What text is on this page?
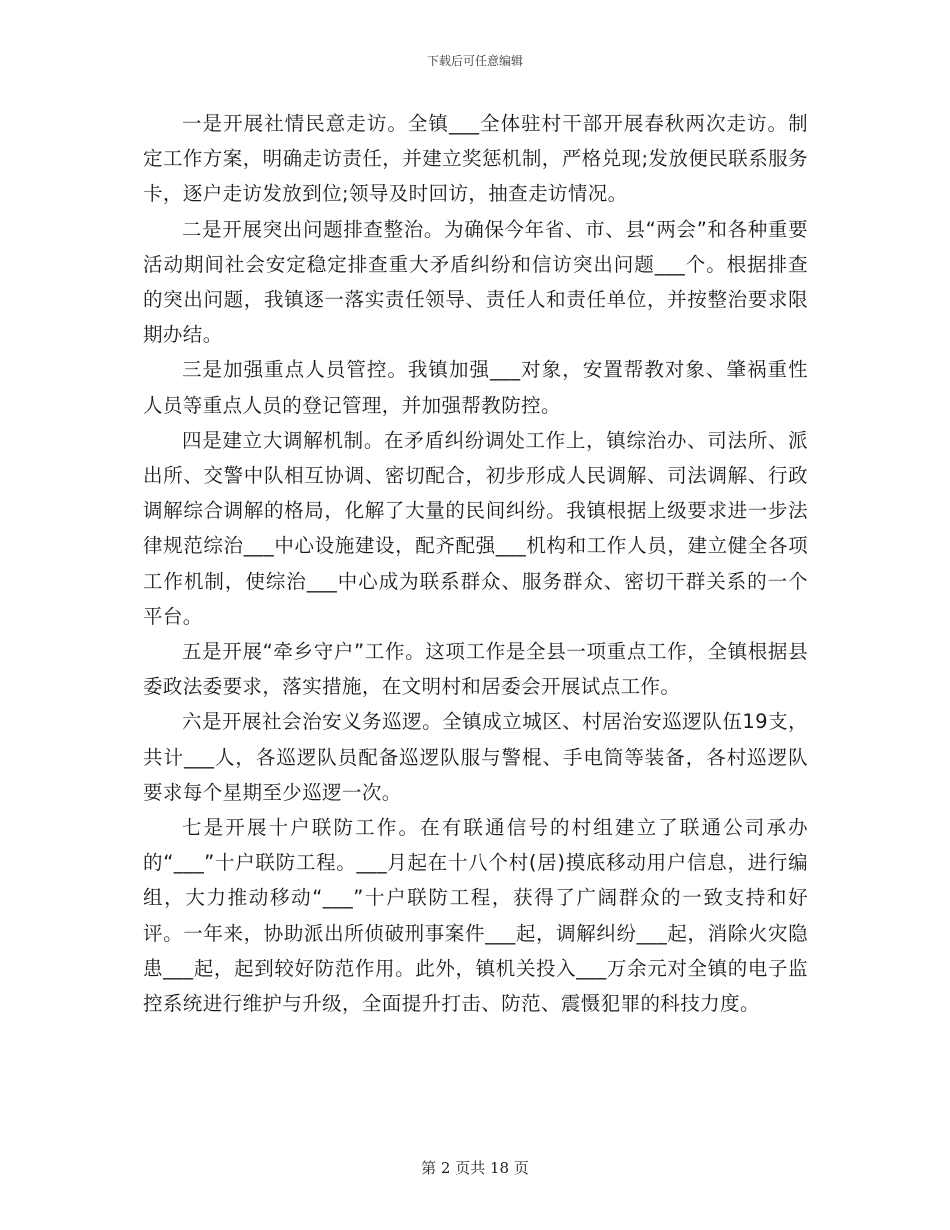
下载后可任意编辑

一是开展社情民意走访。全镇___全体驻村干部开展春秋两次走访。制定工作方案，明确走访责任，并建立奖惩机制，严格兑现;发放便民联系服务卡，逐户走访发放到位;领导及时回访，抽查走访情况。

二是开展突出问题排查整治。为确保今年省、市、县“两会”和各种重要活动期间社会安定稳定排查重大矛盾纠纷和信访突出问题___个。根据排查的突出问题，我镇逐一落实责任领导、责任人和责任单位，并按整治要求限期办结。

三是加强重点人员管控。我镇加强___对象，安置帮教对象、肇祸重性人员等重点人员的登记管理，并加强帮教防控。

四是建立大调解机制。在矛盾纠纷调处工作上，镇综治办、司法所、派出所、交警中队相互协调、密切配合，初步形成人民调解、司法调解、行政调解综合调解的格局，化解了大量的民间纠纷。我镇根据上级要求进一步法律规范综治___中心设施建设，配齐配强___机构和工作人员，建立健全各项工作机制，使综治___中心成为联系群众、服务群众、密切干群关系的一个平台。

五是开展“牵乡守户”工作。这项工作是全县一项重点工作，全镇根据县委政法委要求，落实措施，在文明村和居委会开展试点工作。

六是开展社会治安义务巡逻。全镇成立城区、村居治安巡逻队伍19支，共计___人，各巡逻队员配备巡逻队服与警棍、手电筒等装备，各村巡逻队要求每个星期至少巡逻一次。

七是开展十户联防工作。在有联通信号的村组建立了联通公司承办的“___”十户联防工程。___月起在十八个村(居)摸底移动用户信息，进行编组，大力推动移动“___”十户联防工程，获得了广阔群众的一致支持和好评。一年来，协助派出所侦破刑事案件___起，调解纠纷___起，消除火灾隐患___起，起到较好防范作用。此外，镇机关投入___万余元对全镇的电子监控系统进行维护与升级，全面提升打击、防范、震慑犯罪的科技力度。

第 2 页共 18 页
